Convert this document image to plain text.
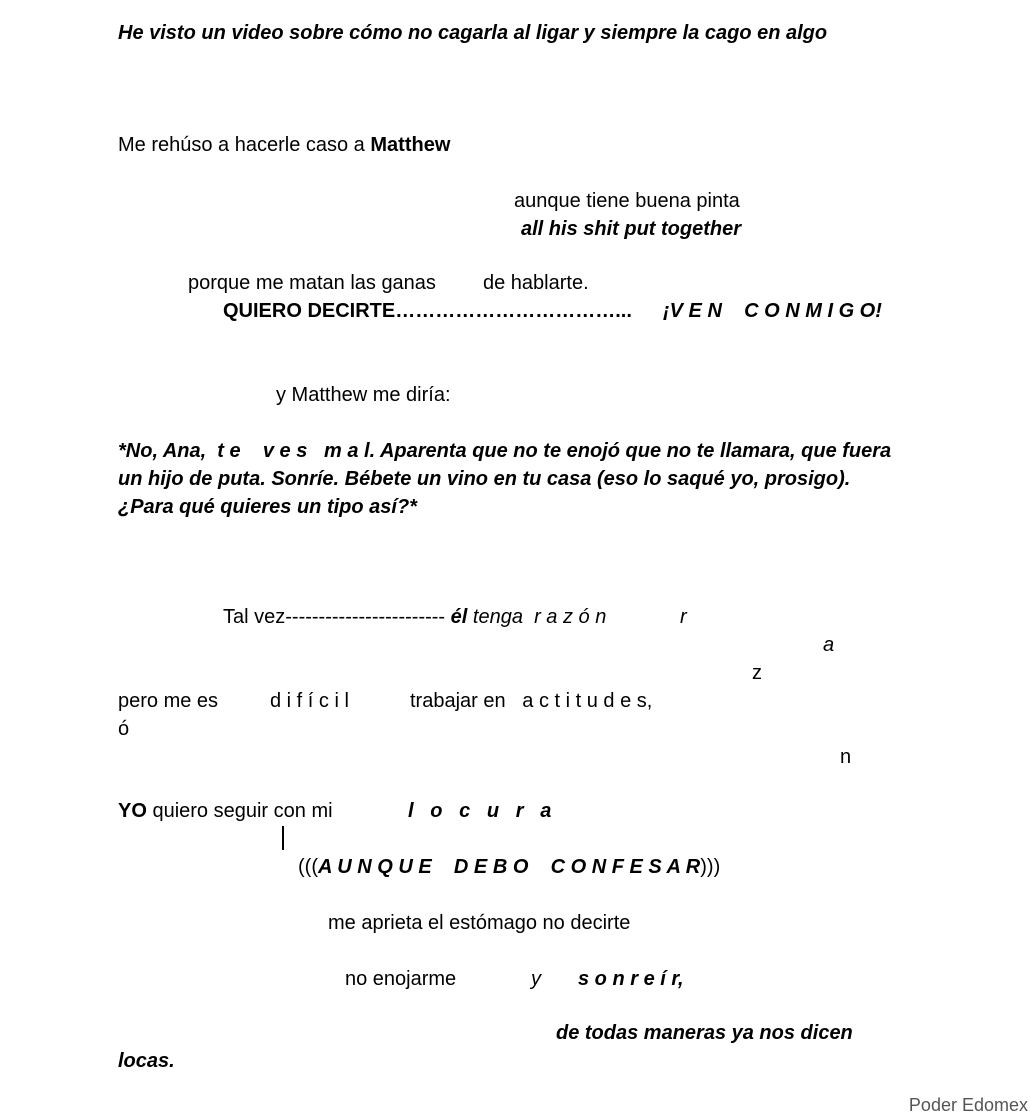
He visto un video sobre cómo no cagarla al ligar y siempre la cago en algo
Me rehúso a hacerle caso a Matthew
aunque tiene buena pinta
all his shit put together
porque me matan las ganas de hablarte.
QUIERO DECIRTE……………………………... ¡V E N    C O N M I G O!
y Matthew me diría:
*No, Ana,  t e    v e s   m a l. Aparenta que no te enojó que no te llamara, que fuera un hijo de puta. Sonríe. Bébete un vino en tu casa (eso lo saqué yo, prosigo). ¿Para qué quieres un tipo así?*
Tal vez------------------------ él tenga  r a z ó n	r
a
z
pero me es	d i f í c i l	trabajar en   a c t i t u d e s,
ó
n
YO quiero seguir con mi	l   o   c   u   r   a
(((A U N Q U E    D E B O    C O N F E S A R)))
me aprieta el estómago no decirte
no enojarme	y s o n r e í r,
de todas maneras ya nos dicen
locas.
Poder Edomex
